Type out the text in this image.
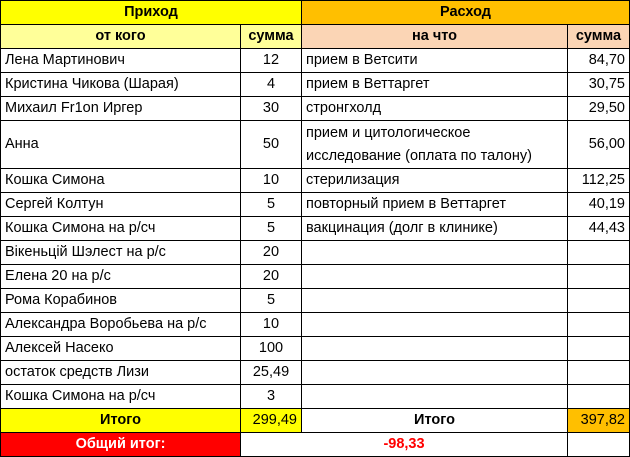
Приход		Расход	
от кого	сумма	на что	сумма
Лена Мартинович	12	прием в Ветсити	84,70
Кристина Чикова (Шарая)	4	прием в Веттаргет	30,75
Михаил Fr1on Иргер	30	стронгхолд	29,50
Анна	50	прием и цитологическое исследование (оплата по талону)	56,00
Кошка Симона	10	стерилизация	112,25
Сергей Колтун	5	повторный прием в Веттаргет	40,19
Кошка Симона на р/сч	5	вакцинация (долг в клинике)	44,43
Вікеньцій Шэлест на р/с	20		
Елена 20 на р/с	20		
Рома Корабинов	5		
Александра Воробьева на р/с	10		
Алексей Насеко	100		
остаток средств Лизи	25,49		
Кошка Симона на р/сч	3		
Итого	299,49	Итого	397,82
Общий итог:	-98,33		
